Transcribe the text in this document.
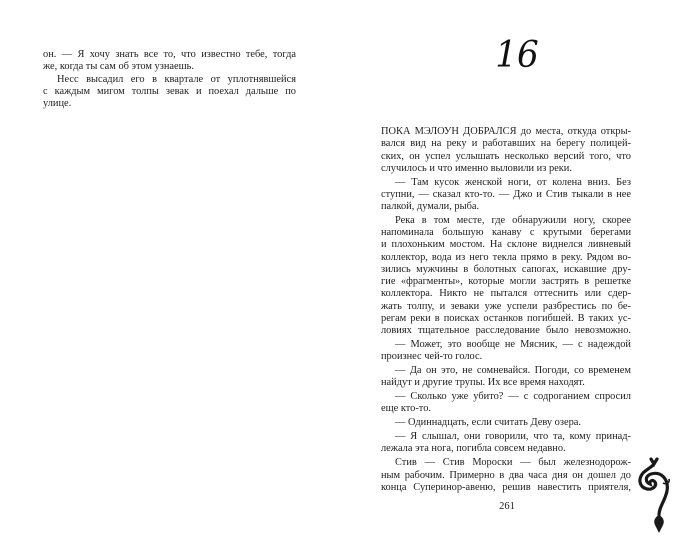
он. — Я хочу знать все то, что известно тебе, тогда
же, когда ты сам об этом узнаешь.
Несс высадил его в квартале от уплотнявшейся
с каждым мигом толпы зевак и поехал дальше по
улице.
16
ПОКА МЭЛОУН ДОБРАЛСЯ до места, откуда откры-
вался вид на реку и работавших на берегу полицей-
ских, он успел услышать несколько версий того, что
случилось и что именно выловили из реки.
— Там кусок женской ноги, от колена вниз. Без
ступни, — сказал кто-то. — Джо и Стив тыкали в нее
палкой, думали, рыба.
Река в том месте, где обнаружили ногу, скорее
напоминала большую канаву с крутыми берегами
и плохоньким мостом. На склоне виднелся ливневый
коллектор, вода из него текла прямо в реку. Рядом во-
зились мужчины в болотных сапогах, искавшие дру-
гие «фрагменты», которые могли застрять в решетке
коллектора. Никто не пытался оттеснить или сдер-
жать толпу, и зеваки уже успели разбрестись по бе-
регам реки в поисках останков погибшей. В таких ус-
ловиях тщательное расследование было невозможно.
— Может, это вообще не Мясник, — с надеждой
произнес чей-то голос.
— Да он это, не сомневайся. Погоди, со временем
найдут и другие трупы. Их все время находят.
— Сколько уже убито? — с содроганием спросил
еще кто-то.
— Одиннадцать, если считать Деву озера.
— Я слышал, они говорили, что та, кому принад-
лежала эта нога, погибла совсем недавно.
Стив — Стив Мороски — был железнодорож-
ным рабочим. Примерно в два часа дня он дошел до
конца Суперинор-авеню, решив навестить приятеля,
261
